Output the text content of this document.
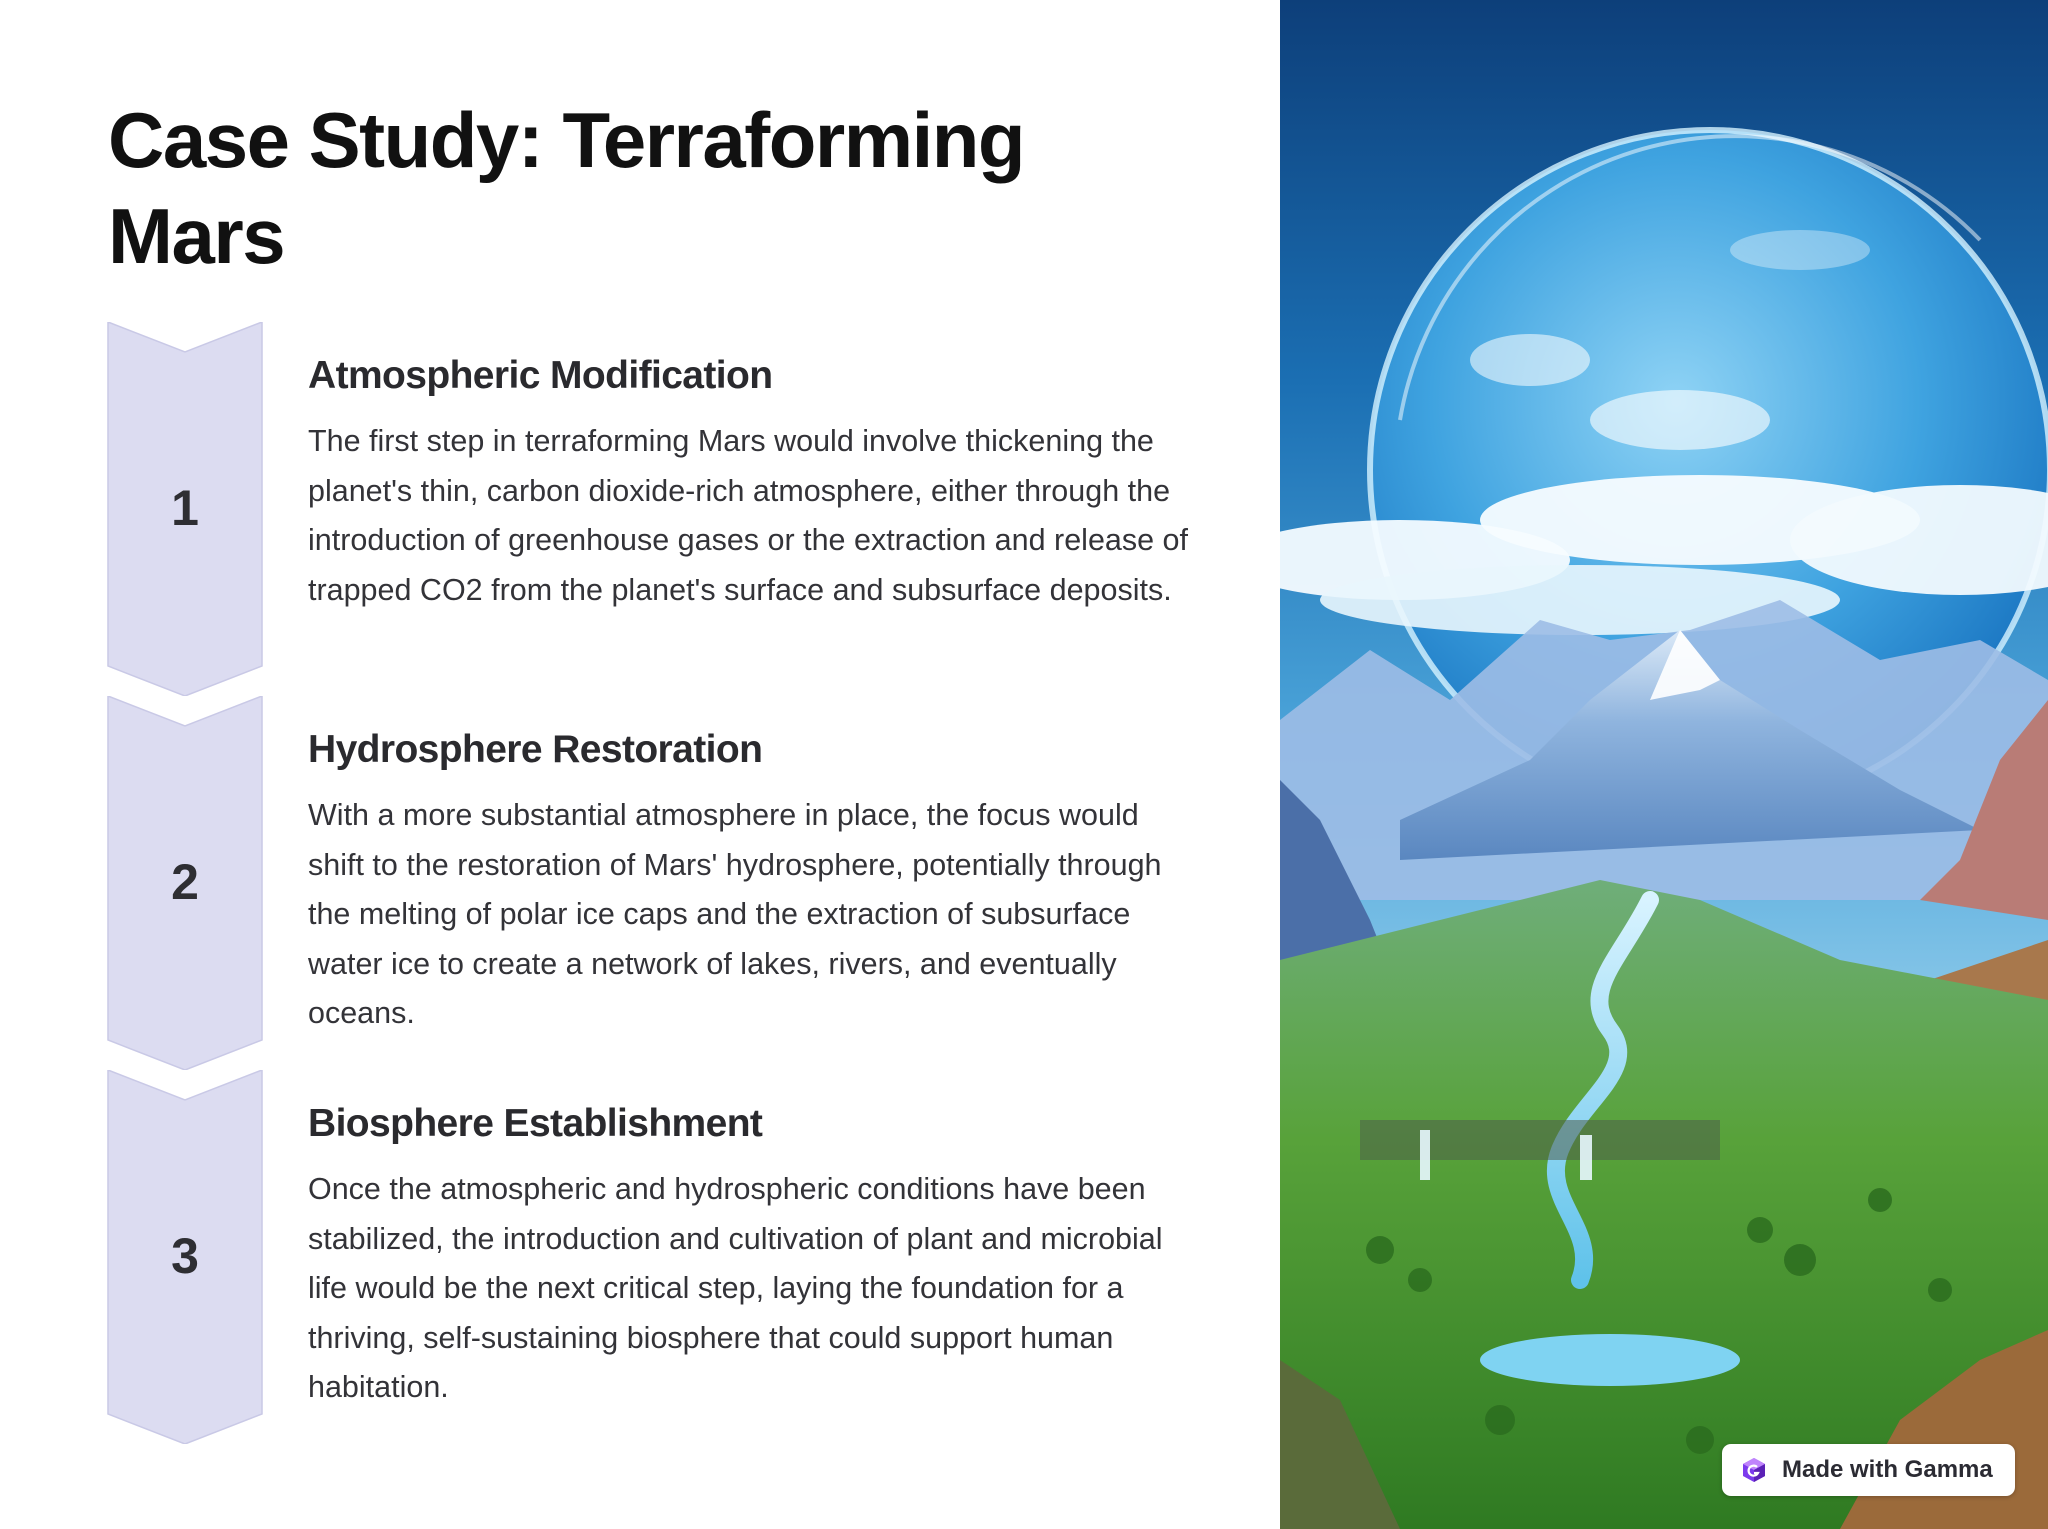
Case Study: Terraforming Mars
1
Atmospheric Modification
The first step in terraforming Mars would involve thickening the planet's thin, carbon dioxide-rich atmosphere, either through the introduction of greenhouse gases or the extraction and release of trapped CO2 from the planet's surface and subsurface deposits.
2
Hydrosphere Restoration
With a more substantial atmosphere in place, the focus would shift to the restoration of Mars' hydrosphere, potentially through the melting of polar ice caps and the extraction of subsurface water ice to create a network of lakes, rivers, and eventually oceans.
3
Biosphere Establishment
Once the atmospheric and hydrospheric conditions have been stabilized, the introduction and cultivation of plant and microbial life would be the next critical step, laying the foundation for a thriving, self-sustaining biosphere that could support human habitation.
Made with Gamma
